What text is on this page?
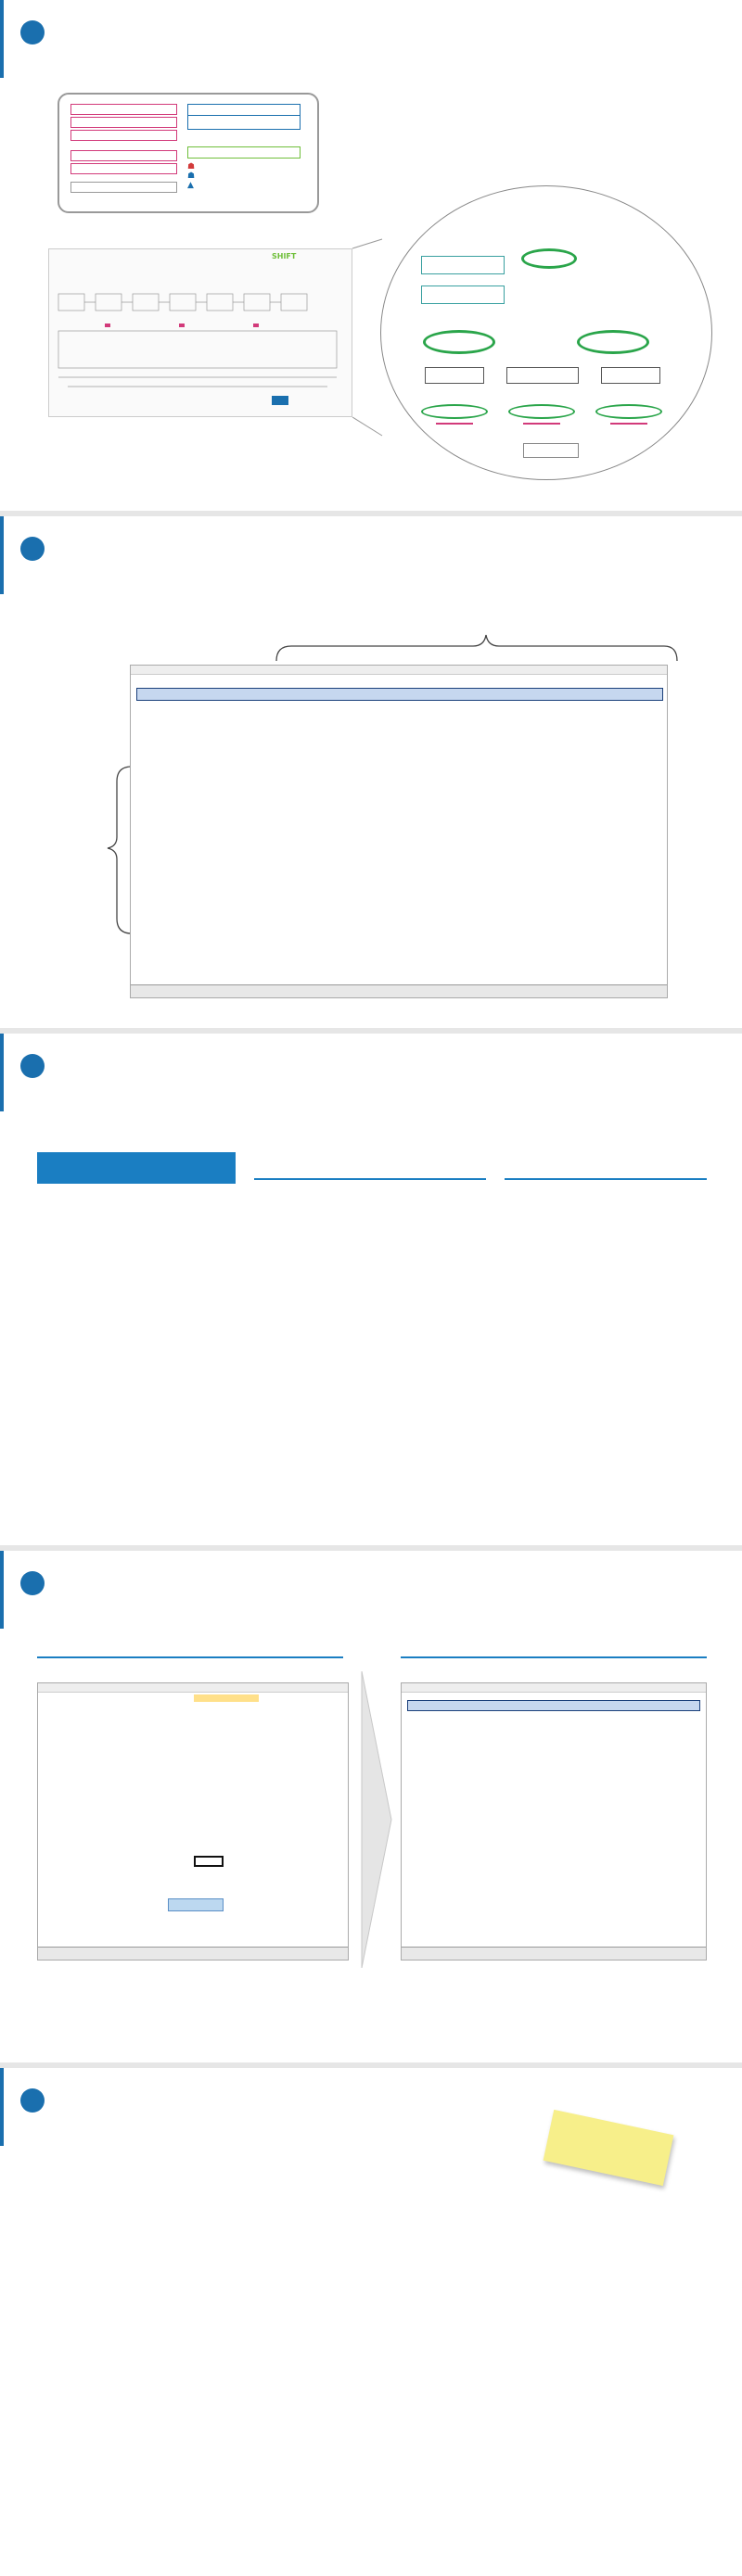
☗
☗
▲
SHIFT
